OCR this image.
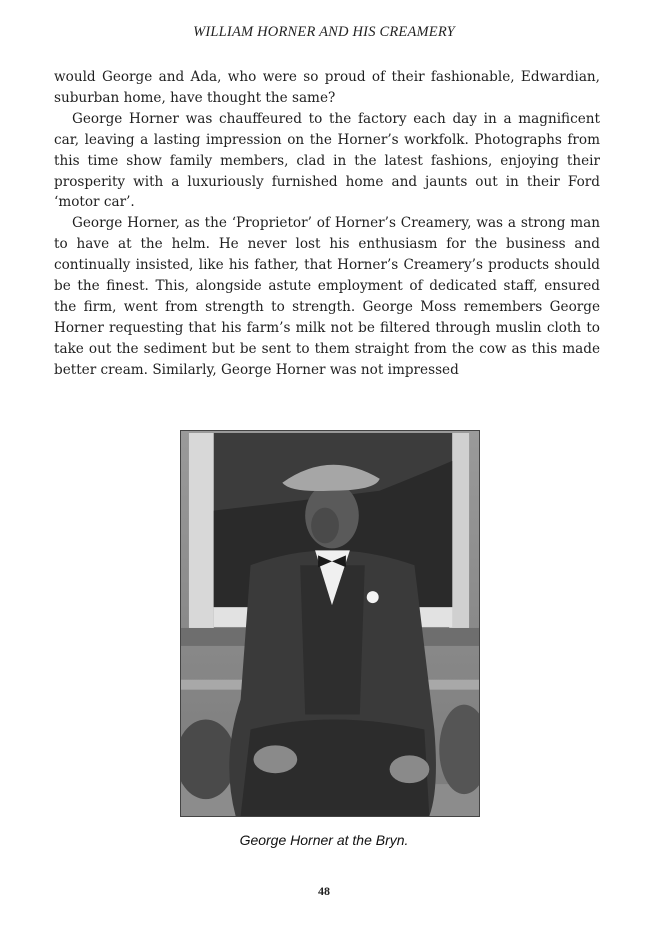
WILLIAM HORNER AND HIS CREAMERY

would George and Ada, who were so proud of their fashionable, Edwardian, suburban home, have thought the same?

George Horner was chauffeured to the factory each day in a magnificent car, leaving a lasting impression on the Horner’s workfolk. Photographs from this time show family members, clad in the latest fashions, enjoying their prosperity with a luxuriously furnished home and jaunts out in their Ford ‘motor car’.

George Horner, as the ‘Proprietor’ of Horner’s Creamery, was a strong man to have at the helm. He never lost his enthusiasm for the business and continually insisted, like his father, that Horner’s Creamery’s products should be the finest. This, alongside astute employment of dedicated staff, ensured the firm, went from strength to strength. George Moss remembers George Horner requesting that his farm’s milk not be filtered through muslin cloth to take out the sediment but be sent to them straight from the cow as this made better cream. Similarly, George Horner was not impressed

George Horner at the Bryn.
48
